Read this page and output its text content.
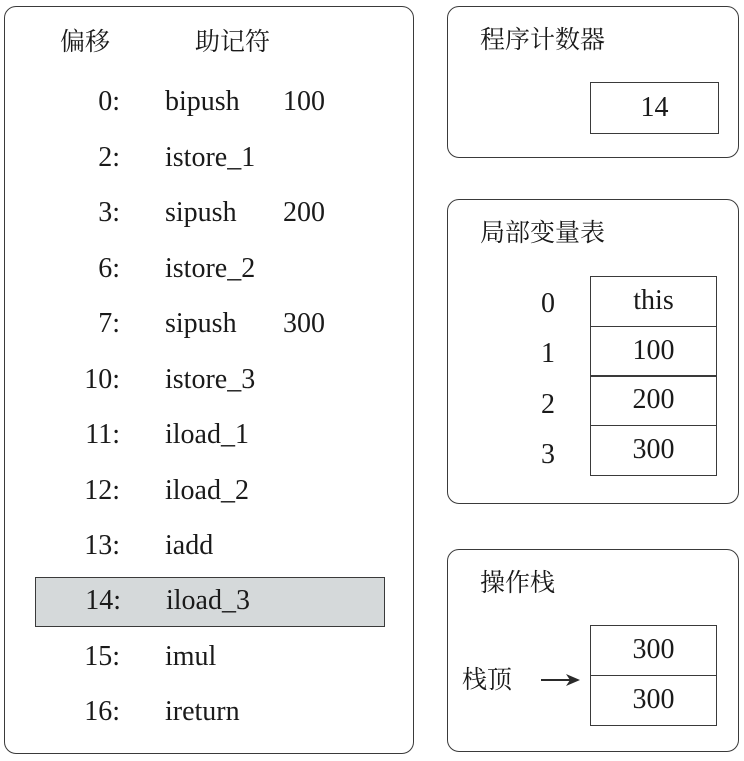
偏移	助记符
0: bipush 100
2: istore_1
3: sipush 200
6: istore_2
7: sipush 300
10: istore_3
11: iload_1
12: iload_2
13: iadd
14: iload_3
15: imul
16: ireturn
程序计数器
14
局部变量表
0	this
1	100
2	200
3	300
操作栈
栈顶
300
300
